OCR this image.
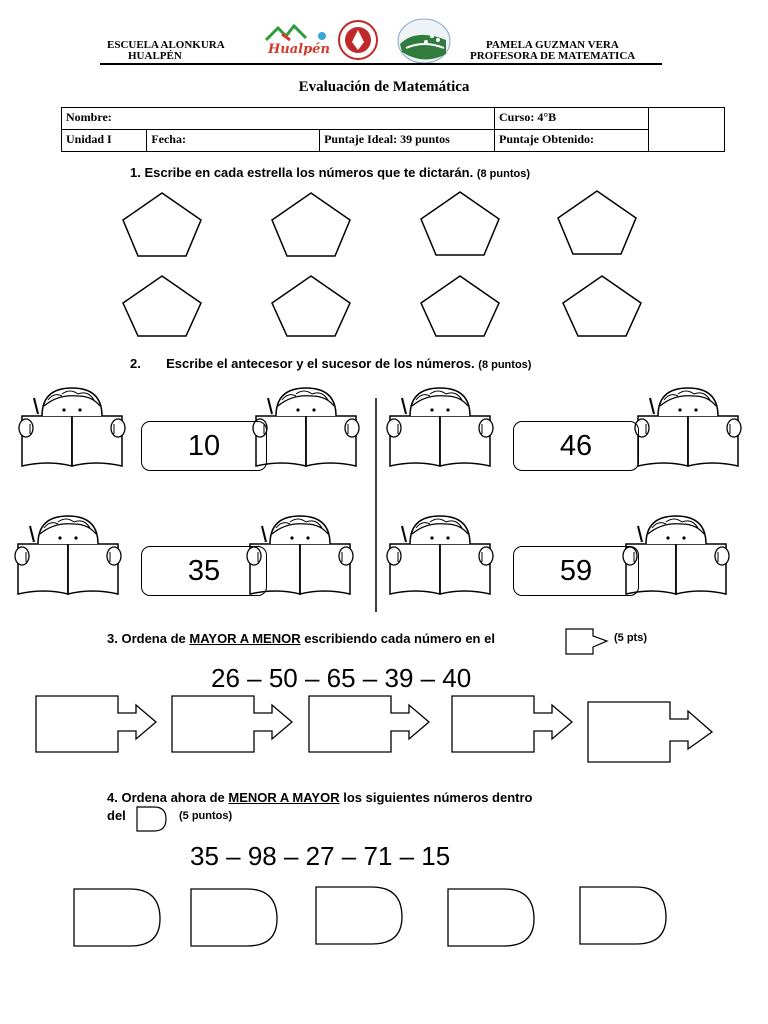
ESCUELA ALONKURA
HUALPÉN	Hualpén	PAMELA GUZMAN VERA
PROFESORA DE MATEMATICA
Evaluación de Matemática
Nombre:			Curso: 4°B	
Unidad I	Fecha:	Puntaje Ideal: 39 puntos	Puntaje Obtenido:	
1. Escribe en cada estrella los números que te dictarán. (8 puntos)
2.       Escribe el antecesor y el sucesor de los números. (8 puntos)
10	46
35	59
3. Ordena de MAYOR A MENOR escribiendo cada número en el	(5 pts)
26 – 50 – 65 – 39 – 40
4. Ordena ahora de MENOR A MAYOR los siguientes números dentro
del	(5 puntos)
35 – 98 – 27 – 71 – 15
